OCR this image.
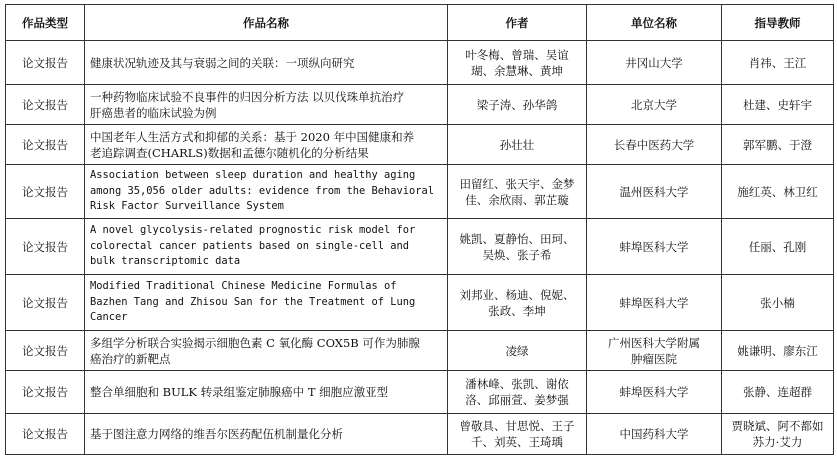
作品类型	作品名称	作者	单位名称	指导教师
论文报告	健康状况轨迹及其与衰弱之间的关联：一项纵向研究	叶冬梅、曾瑞、吴谊
瑚、余慧琳、黄坤	井冈山大学	肖祎、王江

论文报告	一种药物临床试验不良事件的归因分析方法 以贝伐珠单抗治疗
肝癌患者的临床试验为例	梁子涛、孙华鸽	北京大学	杜建、史轩宇

论文报告	中国老年人生活方式和抑郁的关系：基于 2020 年中国健康和养
老追踪调查(CHARLS)数据和孟德尔随机化的分析结果	孙壮壮	长春中医药大学	郭军鹏、于澄

论文报告	Association between sleep duration and healthy aging
among 35,056 older adults: evidence from the Behavioral
Risk Factor Surveillance System	田留红、张天宇、金梦
佳、余欣雨、郭芷璇	温州医科大学	施红英、林卫红

论文报告	A novel glycolysis-related prognostic risk model for
colorectal cancer patients based on single-cell and
bulk transcriptomic data	姚凯、夏静怡、田珂、
吴焕、张子希	蚌埠医科大学	任丽、孔刚

论文报告	Modified Traditional Chinese Medicine Formulas of
Bazhen Tang and Zhisou San for the Treatment of Lung
Cancer	刘邦业、杨迪、倪妮、
张政、李坤	蚌埠医科大学	张小楠

论文报告	多组学分析联合实验揭示细胞色素 C 氧化酶 COX5B 可作为肺腺
癌治疗的新靶点	凌绿	广州医科大学附属
肿瘤医院	姚谦明、廖东江

论文报告	整合单细胞和 BULK 转录组鉴定肺腺癌中 T 细胞应激亚型	潘林峰、张凯、谢依
洛、邱丽萱、姜梦强	蚌埠医科大学	张静、连超群

论文报告	基于图注意力网络的维吾尔医药配伍机制量化分析	曾敬具、甘思悦、王子
千、刘英、王琦瑀	中国药科大学	贾晓斌、阿不都如
苏力·艾力
